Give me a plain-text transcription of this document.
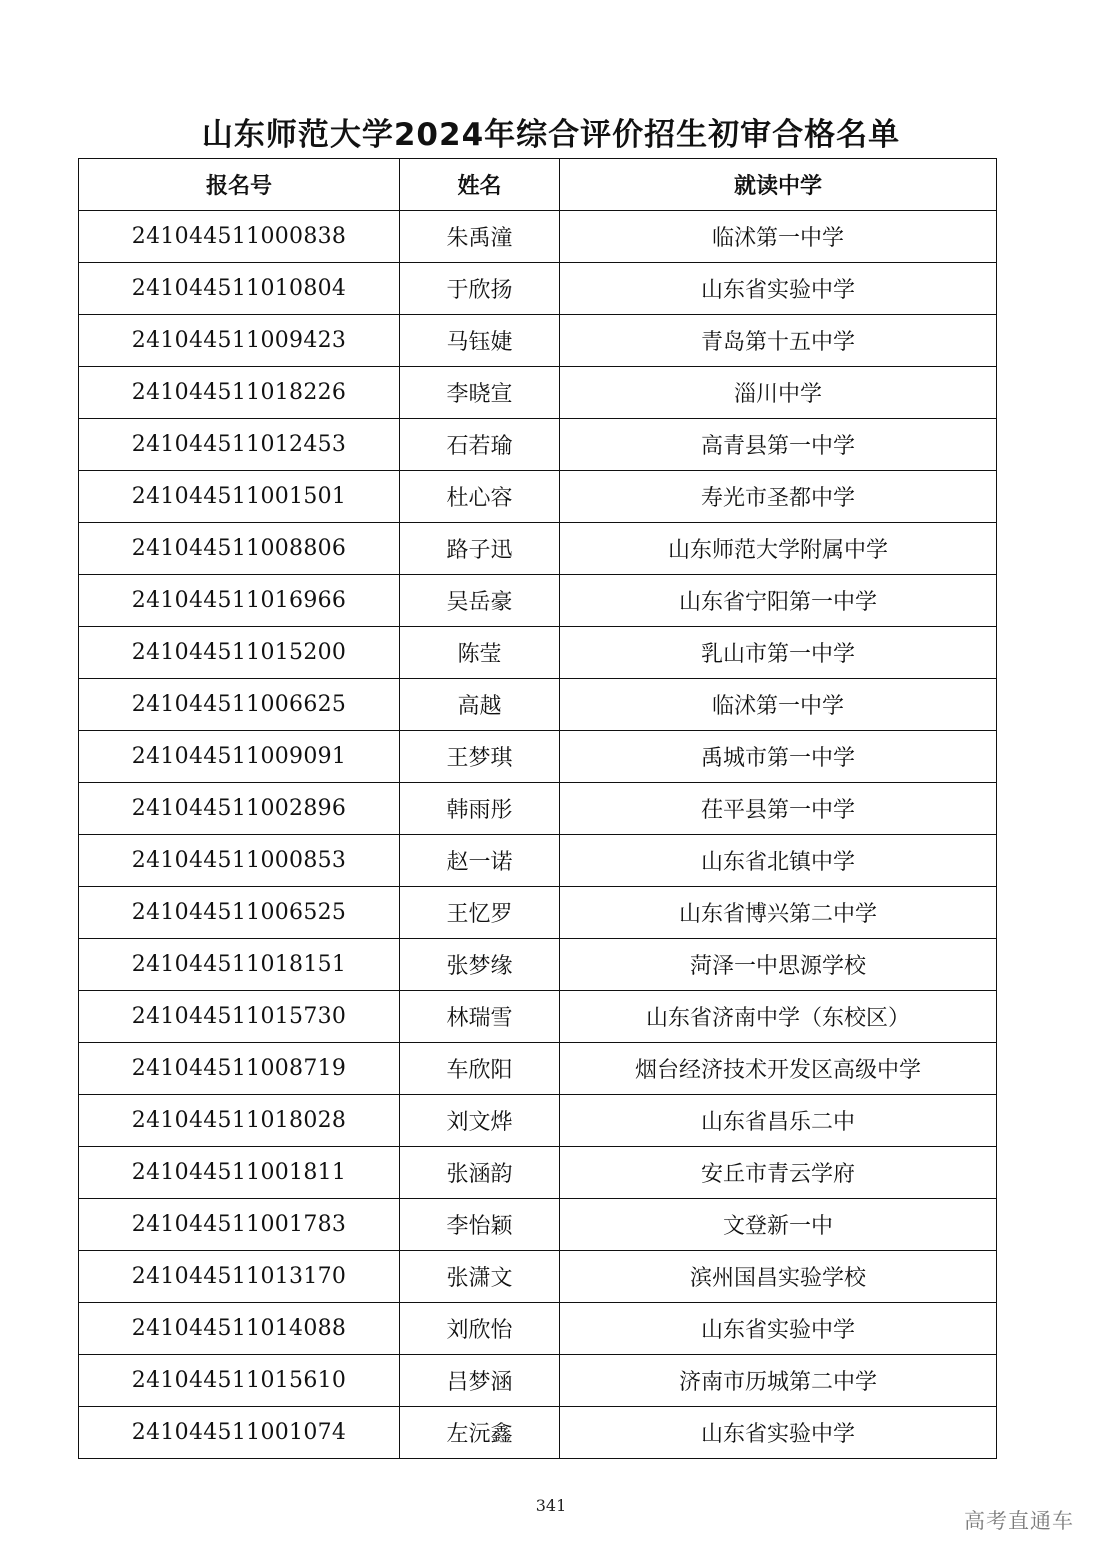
山东师范大学2024年综合评价招生初审合格名单
报名号	姓名	就读中学
241044511000838	朱禹潼	临沭第一中学
241044511010804	于欣扬	山东省实验中学
241044511009423	马钰婕	青岛第十五中学
241044511018226	李晓宣	淄川中学
241044511012453	石若瑜	高青县第一中学
241044511001501	杜心容	寿光市圣都中学
241044511008806	路子迅	山东师范大学附属中学
241044511016966	吴岳豪	山东省宁阳第一中学
241044511015200	陈莹	乳山市第一中学
241044511006625	高越	临沭第一中学
241044511009091	王梦琪	禹城市第一中学
241044511002896	韩雨彤	茌平县第一中学
241044511000853	赵一诺	山东省北镇中学
241044511006525	王忆罗	山东省博兴第二中学
241044511018151	张梦缘	菏泽一中思源学校
241044511015730	林瑞雪	山东省济南中学（东校区）
241044511008719	车欣阳	烟台经济技术开发区高级中学
241044511018028	刘文烨	山东省昌乐二中
241044511001811	张涵韵	安丘市青云学府
241044511001783	李怡颖	文登新一中
241044511013170	张潇文	滨州国昌实验学校
241044511014088	刘欣怡	山东省实验中学
241044511015610	吕梦涵	济南市历城第二中学
241044511001074	左沅鑫	山东省实验中学
341
高考直通车
